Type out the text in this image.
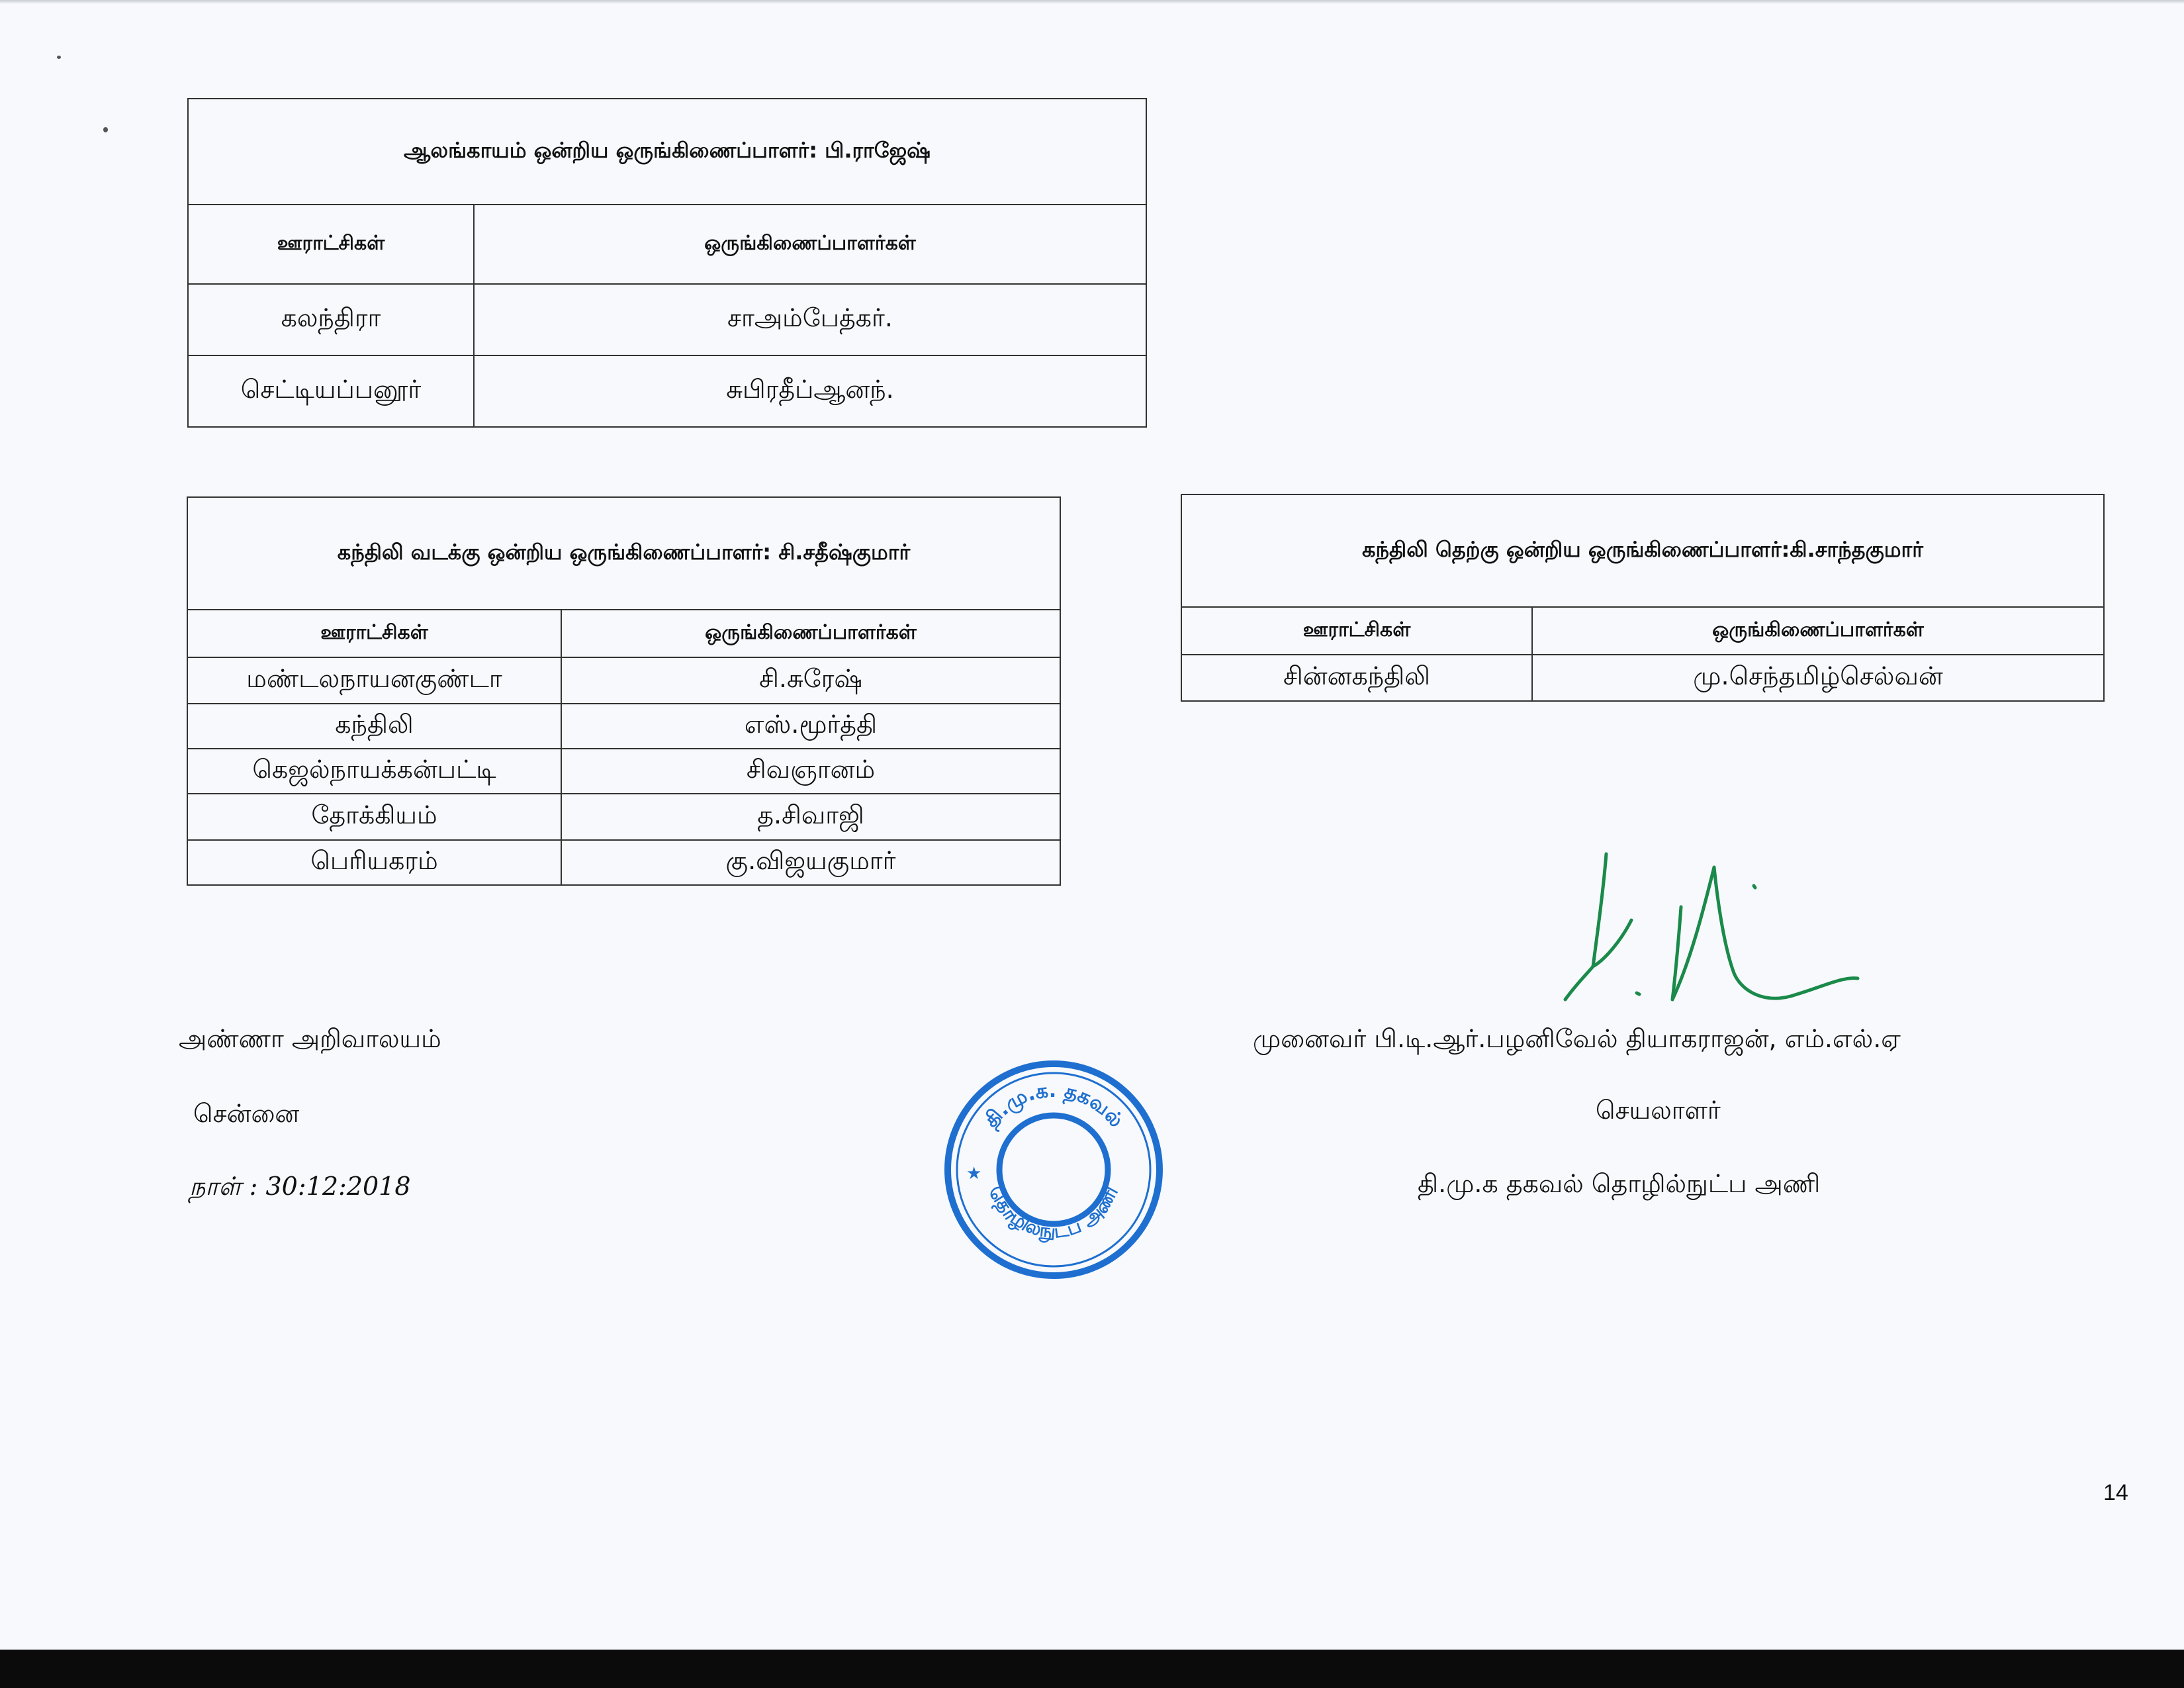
ஆலங்காயம் ஒன்றிய ஒருங்கிணைப்பாளர்: பி.ராஜேஷ்	
ஊராட்சிகள்	ஒருங்கிணைப்பாளர்கள்
கலந்திரா	சாஅம்பேத்கர்.
செட்டியப்பனூர்	சுபிரதீப்ஆனந்.
கந்திலி வடக்கு ஒன்றிய ஒருங்கிணைப்பாளர்: சி.சதீஷ்குமார்	
ஊராட்சிகள்	ஒருங்கிணைப்பாளர்கள்
மண்டலநாயனகுண்டா	சி.சுரேஷ்
கந்திலி	எஸ்.மூர்த்தி
கெஜல்நாயக்கன்பட்டி	சிவஞானம்
தோக்கியம்	த.சிவாஜி
பெரியகரம்	கு.விஜயகுமார்
கந்திலி தெற்கு ஒன்றிய ஒருங்கிணைப்பாளர்:கி.சாந்தகுமார்	
ஊராட்சிகள்	ஒருங்கிணைப்பாளர்கள்
சின்னகந்திலி	மு.செந்தமிழ்செல்வன்
அண்ணா அறிவாலயம்
சென்னை
நாள் : 30:12:2018
முனைவர் பி.டி.ஆர்.பழனிவேல் தியாகராஜன், எம்.எல்.ஏ
செயலாளர்
தி.மு.க தகவல் தொழில்நுட்ப அணி
தி.மு.க. தகவல்
தொழில்நுட்ப அணி
★
14
